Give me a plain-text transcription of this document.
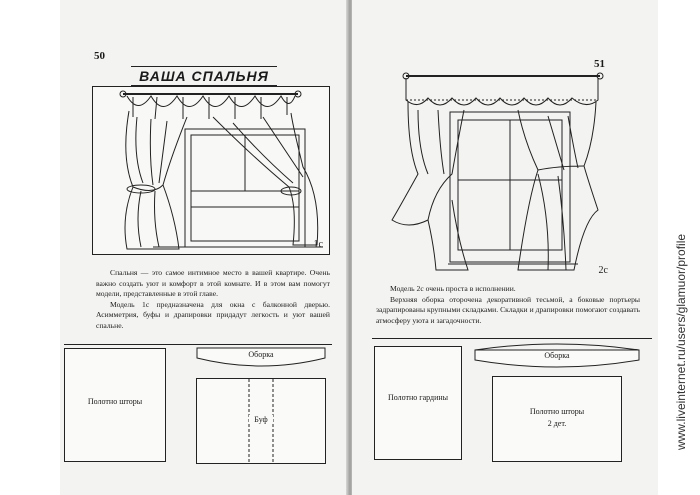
50
ВАША СПАЛЬНЯ
1с

Спальня — это самое интимное место в вашей квартире. Очень важно создать уют и комфорт в этой комнате. И в этом вам помогут модели, представленные в этой главе.

Модель 1с предназначена для окна с балконной дверью. Асимметрия, буфы и драпировки придадут легкость и уют вашей спальне.

Полотно шторы
Оборка
Буф
51
2с

Модель 2с очень проста в исполнении.

Верхняя оборка оторочена декоративной тесьмой, а боковые портьеры задрапированы крупными складками. Складки и драпировки помогают создавать атмосферу уюта и загадочности.

Полотно гардины
Оборка
Полотно шторы
2 дет.	www.liveinternet.ru/users/glamuor/profile
